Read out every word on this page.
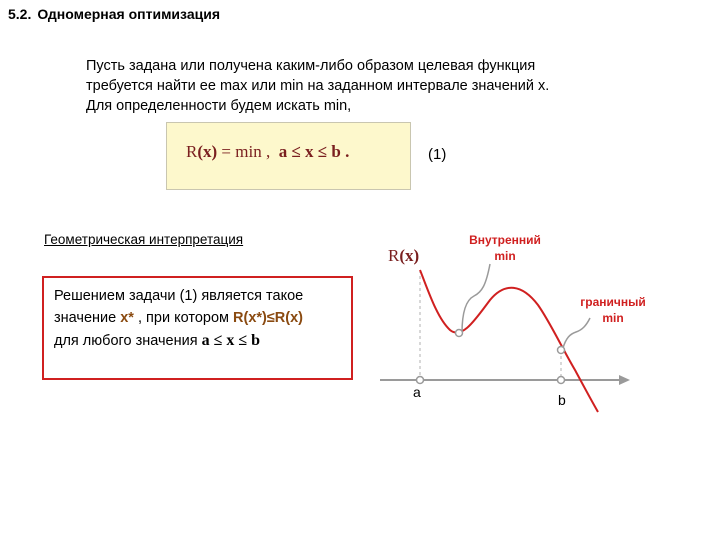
5.2. Одномерная оптимизация
Пусть задана или получена каким-либо образом целевая функция
требуется найти ее max или min на заданном интервале значений x.
Для определенности будем искать min,
R(x) = min ,  a ≤ x ≤ b .	(1)
Геометрическая интерпретация
Решением задачи (1) является такое
значение x* , при котором R(x*)≤R(x)
для любого значения a ≤ x ≤ b
R(x)
Внутренний
min
граничный
min
a	b
